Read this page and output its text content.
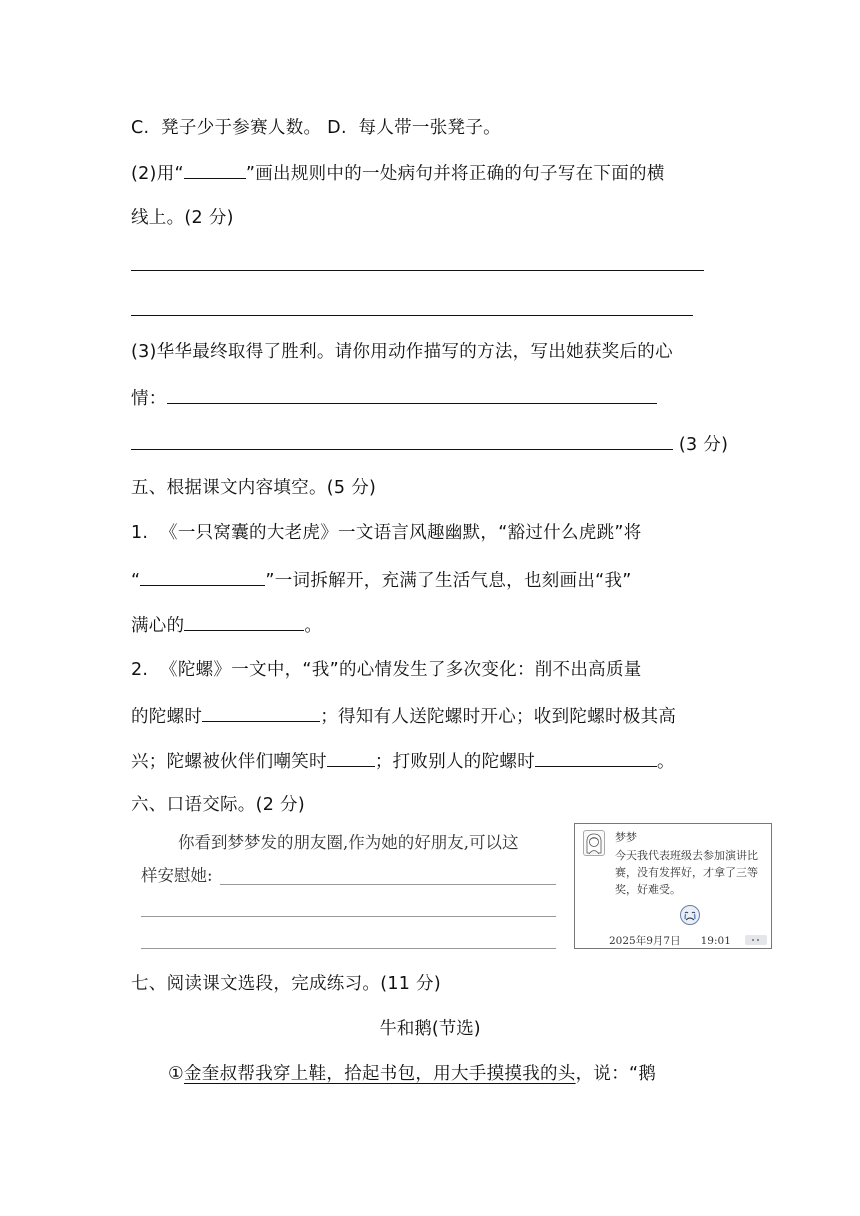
C.  凳子少于参赛人数。 D.  每人带一张凳子。
(2)用“	”画出规则中的一处病句并将正确的句子写在下面的横
线上。(2 分)
(3)华华最终取得了胜利。请你用动作描写的方法，写出她获奖后的心
情：
(3 分)
五、根据课文内容填空。(5 分)
1.  《一只窝囊的大老虎》一文语言风趣幽默，“豁过什么虎跳”将
“	”一词拆解开，充满了生活气息，也刻画出“我”
满心的	。
2.  《陀螺》一文中，“我”的心情发生了多次变化：削不出高质量
的陀螺时	；得知有人送陀螺时开心；收到陀螺时极其高
兴；陀螺被伙伴们嘲笑时	；打败别人的陀螺时	。
六、口语交际。(2 分)
你看到梦梦发的朋友圈,作为她的好朋友,可以这
样安慰她:
梦梦
今天我代表班级去参加演讲比赛，没有发挥好，才拿了三等奖，好难受。
2025年9月7日 19:01
七、阅读课文选段，完成练习。(11 分)
牛和鹅(节选)
①金奎叔帮我穿上鞋，拾起书包，用大手摸摸我的头，说：“鹅
